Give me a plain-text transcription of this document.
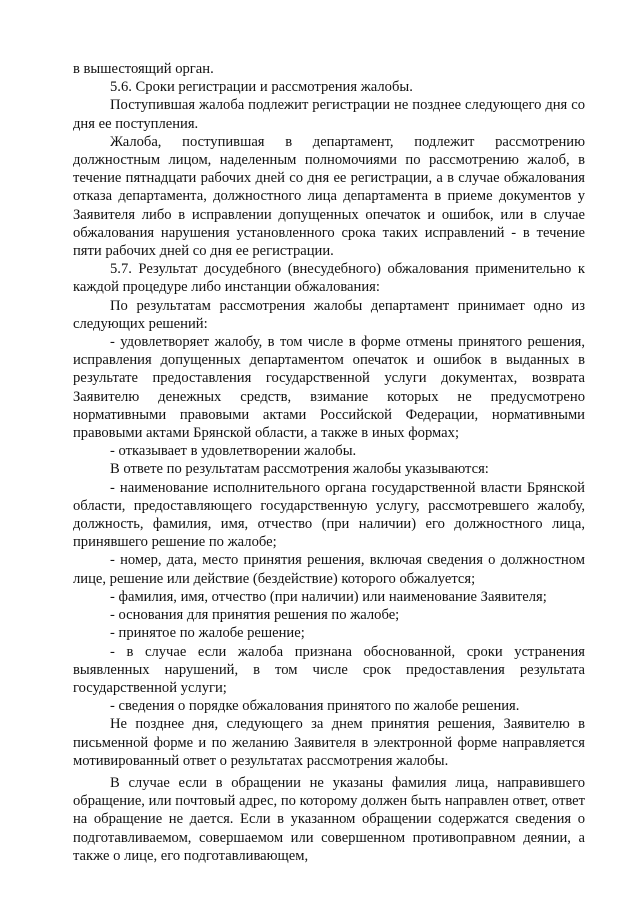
в вышестоящий орган.

5.6. Сроки регистрации и рассмотрения жалобы.

Поступившая жалоба подлежит регистрации не позднее следующего дня со дня ее поступления.

Жалоба, поступившая в департамент, подлежит рассмотрению должностным лицом, наделенным полномочиями по рассмотрению жалоб, в течение пятнадцати рабочих дней со дня ее регистрации, а в случае обжалования отказа департамента, должностного лица департамента в приеме документов у Заявителя либо в исправлении допущенных опечаток и ошибок, или в случае обжалования нарушения установленного срока таких исправлений - в течение пяти рабочих дней со дня ее регистрации.

5.7. Результат досудебного (внесудебного) обжалования применительно к каждой процедуре либо инстанции обжалования:

По результатам рассмотрения жалобы департамент принимает одно из следующих решений:

- удовлетворяет жалобу, в том числе в форме отмены принятого решения, исправления допущенных департаментом опечаток и ошибок в выданных в результате предоставления государственной услуги документах, возврата Заявителю денежных средств, взимание которых не предусмотрено нормативными правовыми актами Российской Федерации, нормативными правовыми актами Брянской области, а также в иных формах;

- отказывает в удовлетворении жалобы.

В ответе по результатам рассмотрения жалобы указываются:

- наименование исполнительного органа государственной власти Брянской области, предоставляющего государственную услугу, рассмотревшего жалобу, должность, фамилия, имя, отчество (при наличии) его должностного лица, принявшего решение по жалобе;

- номер, дата, место принятия решения, включая сведения о должностном лице, решение или действие (бездействие) которого обжалуется;

- фамилия, имя, отчество (при наличии) или наименование Заявителя;

- основания для принятия решения по жалобе;

- принятое по жалобе решение;

- в случае если жалоба признана обоснованной, сроки устранения выявленных нарушений, в том числе срок предоставления результата государственной услуги;

- сведения о порядке обжалования принятого по жалобе решения.

Не позднее дня, следующего за днем принятия решения, Заявителю в письменной форме и по желанию Заявителя в электронной форме направляется мотивированный ответ о результатах рассмотрения жалобы.

В случае если в обращении не указаны фамилия лица, направившего обращение, или почтовый адрес, по которому должен быть направлен ответ, ответ на обращение не дается. Если в указанном обращении содержатся сведения о подготавливаемом, совершаемом или совершенном противоправном деянии, а также о лице, его подготавливающем,
